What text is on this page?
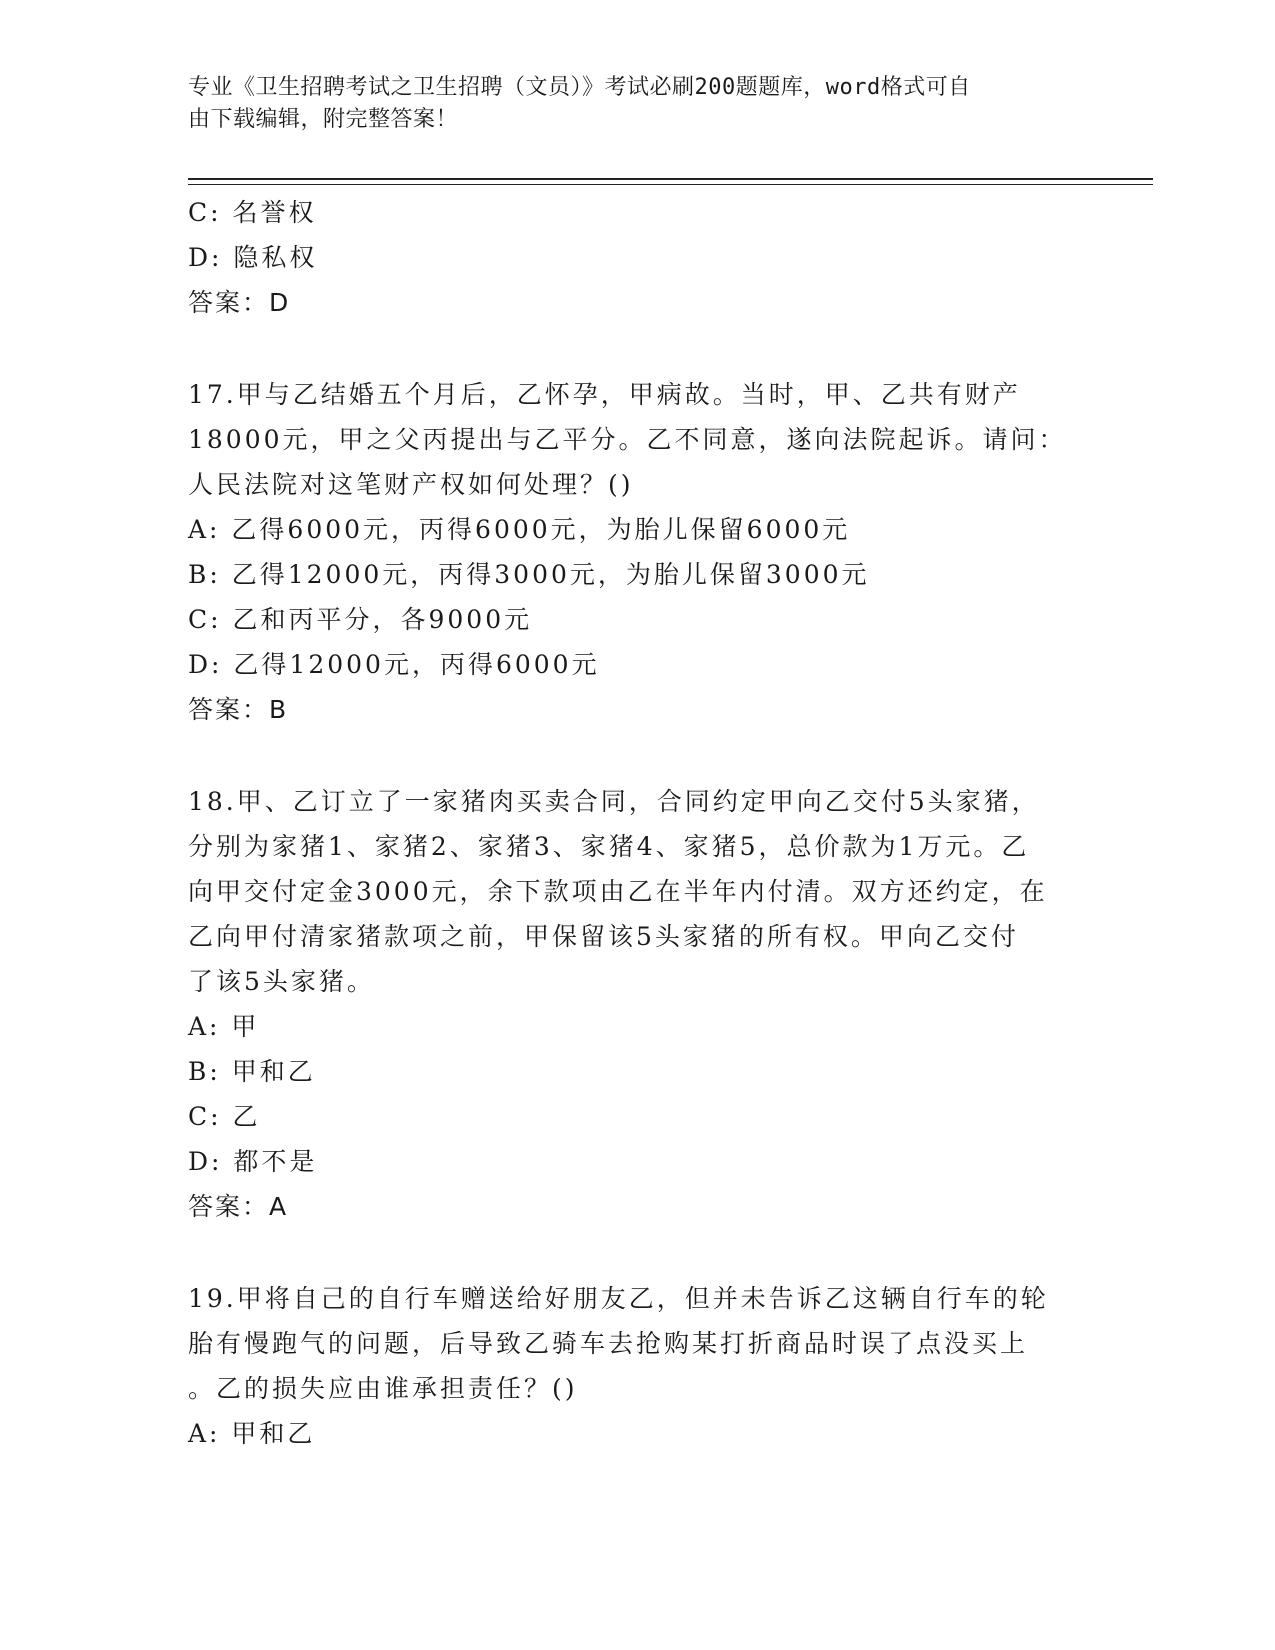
专业《卫生招聘考试之卫生招聘（文员）》考试必刷200题题库，word格式可自
由下载编辑，附完整答案！
C: 名誉权
D: 隐私权
答案：D
17.甲与乙结婚五个月后，乙怀孕，甲病故。当时，甲、乙共有财产
18000元，甲之父丙提出与乙平分。乙不同意，遂向法院起诉。请问：
人民法院对这笔财产权如何处理？()
A: 乙得6000元，丙得6000元，为胎儿保留6000元
B: 乙得12000元，丙得3000元，为胎儿保留3000元
C: 乙和丙平分，各9000元
D: 乙得12000元，丙得6000元
答案：B
18.甲、乙订立了一家猪肉买卖合同，合同约定甲向乙交付5头家猪，
分别为家猪1、家猪2、家猪3、家猪4、家猪5，总价款为1万元。乙
向甲交付定金3000元，余下款项由乙在半年内付清。双方还约定，在
乙向甲付清家猪款项之前，甲保留该5头家猪的所有权。甲向乙交付
了该5头家猪。
A: 甲
B: 甲和乙
C: 乙
D: 都不是
答案：A
19.甲将自己的自行车赠送给好朋友乙，但并未告诉乙这辆自行车的轮
胎有慢跑气的问题，后导致乙骑车去抢购某打折商品时误了点没买上
。乙的损失应由谁承担责任？()
A: 甲和乙
